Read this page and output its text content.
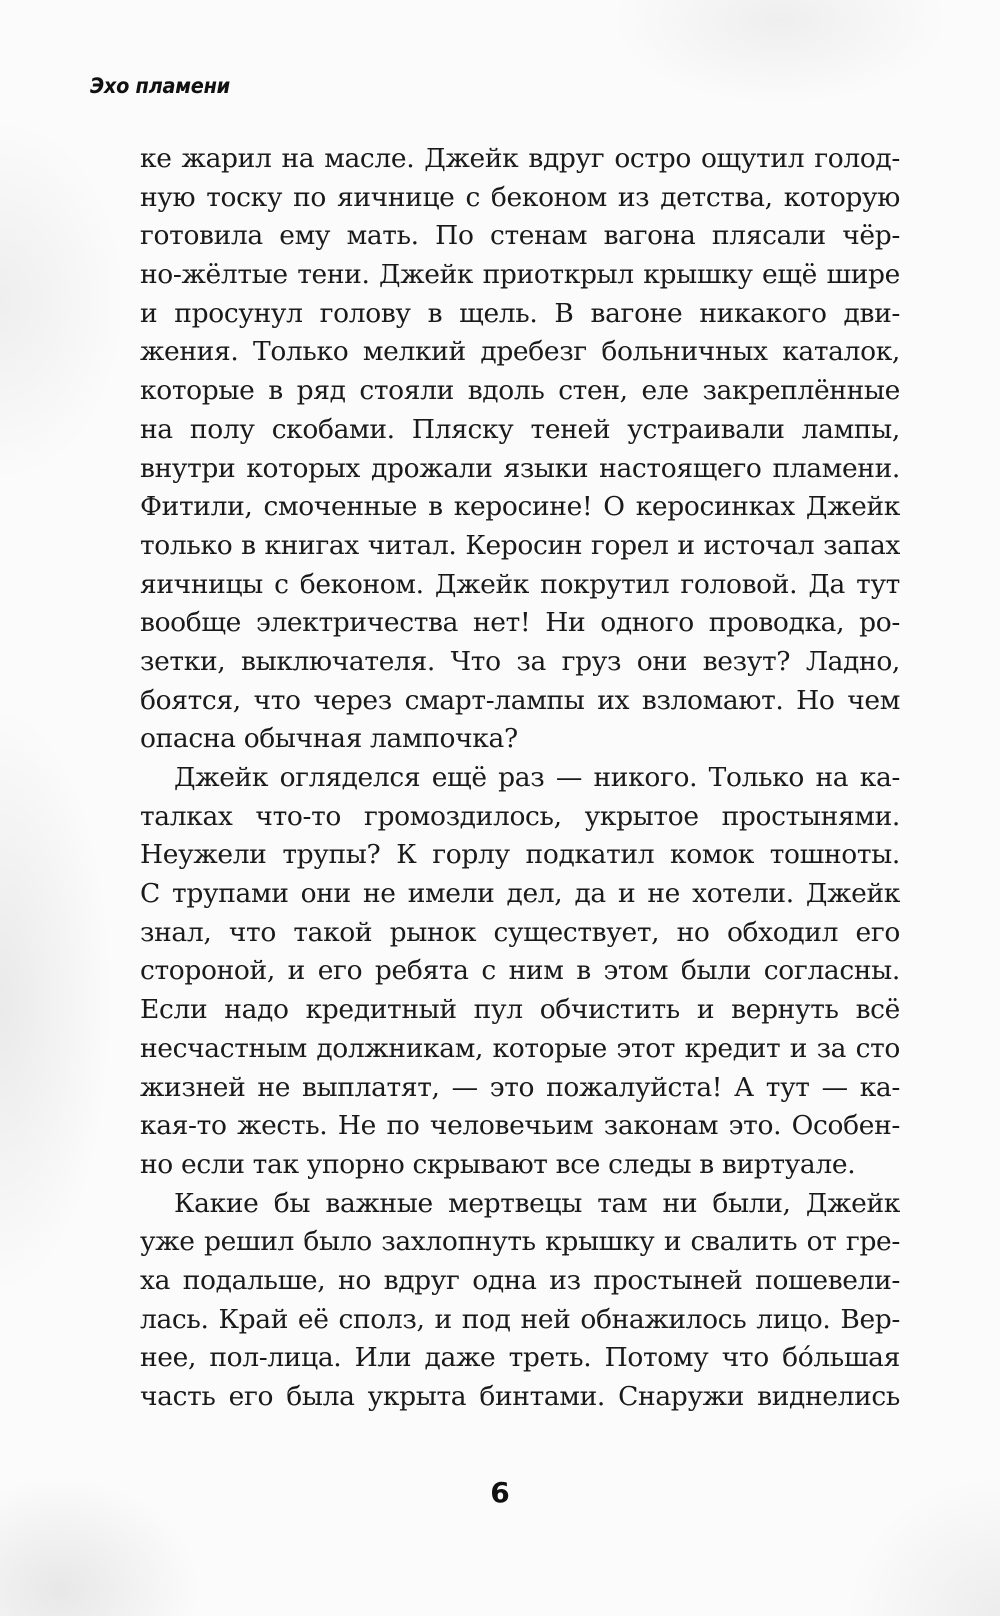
Эхо пламени
ке жарил на масле. Джейк вдруг остро ощутил голод-
ную тоску по яичнице с беконом из детства, которую
готовила ему мать. По стенам вагона плясали чёр-
но-жёлтые тени. Джейк приоткрыл крышку ещё шире
и просунул голову в щель. В вагоне никакого дви-
жения. Только мелкий дребезг больничных каталок,
которые в ряд стояли вдоль стен, еле закреплённые
на полу скобами. Пляску теней устраивали лампы,
внутри которых дрожали языки настоящего пламени.
Фитили, смоченные в керосине! О керосинках Джейк
только в книгах читал. Керосин горел и источал запах
яичницы с беконом. Джейк покрутил головой. Да тут
вообще электричества нет! Ни одного проводка, ро-
зетки, выключателя. Что за груз они везут? Ладно,
боятся, что через смарт-лампы их взломают. Но чем
опасна обычная лампочка?
Джейк огляделся ещё раз — никого. Только на ка-
талках что-то громоздилось, укрытое простынями.
Неужели трупы? К горлу подкатил комок тошноты.
С трупами они не имели дел, да и не хотели. Джейк
знал, что такой рынок существует, но обходил его
стороной, и его ребята с ним в этом были согласны.
Если надо кредитный пул обчистить и вернуть всё
несчастным должникам, которые этот кредит и за сто
жизней не выплатят, — это пожалуйста! А тут — ка-
кая-то жесть. Не по человечьим законам это. Особен-
но если так упорно скрывают все следы в виртуале.
Какие бы важные мертвецы там ни были, Джейк
уже решил было захлопнуть крышку и свалить от гре-
ха подальше, но вдруг одна из простыней пошевели-
лась. Край её сполз, и под ней обнажилось лицо. Вер-
нее, пол-лица. Или даже треть. Потому что бóльшая
часть его была укрыта бинтами. Снаружи виднелись
6
